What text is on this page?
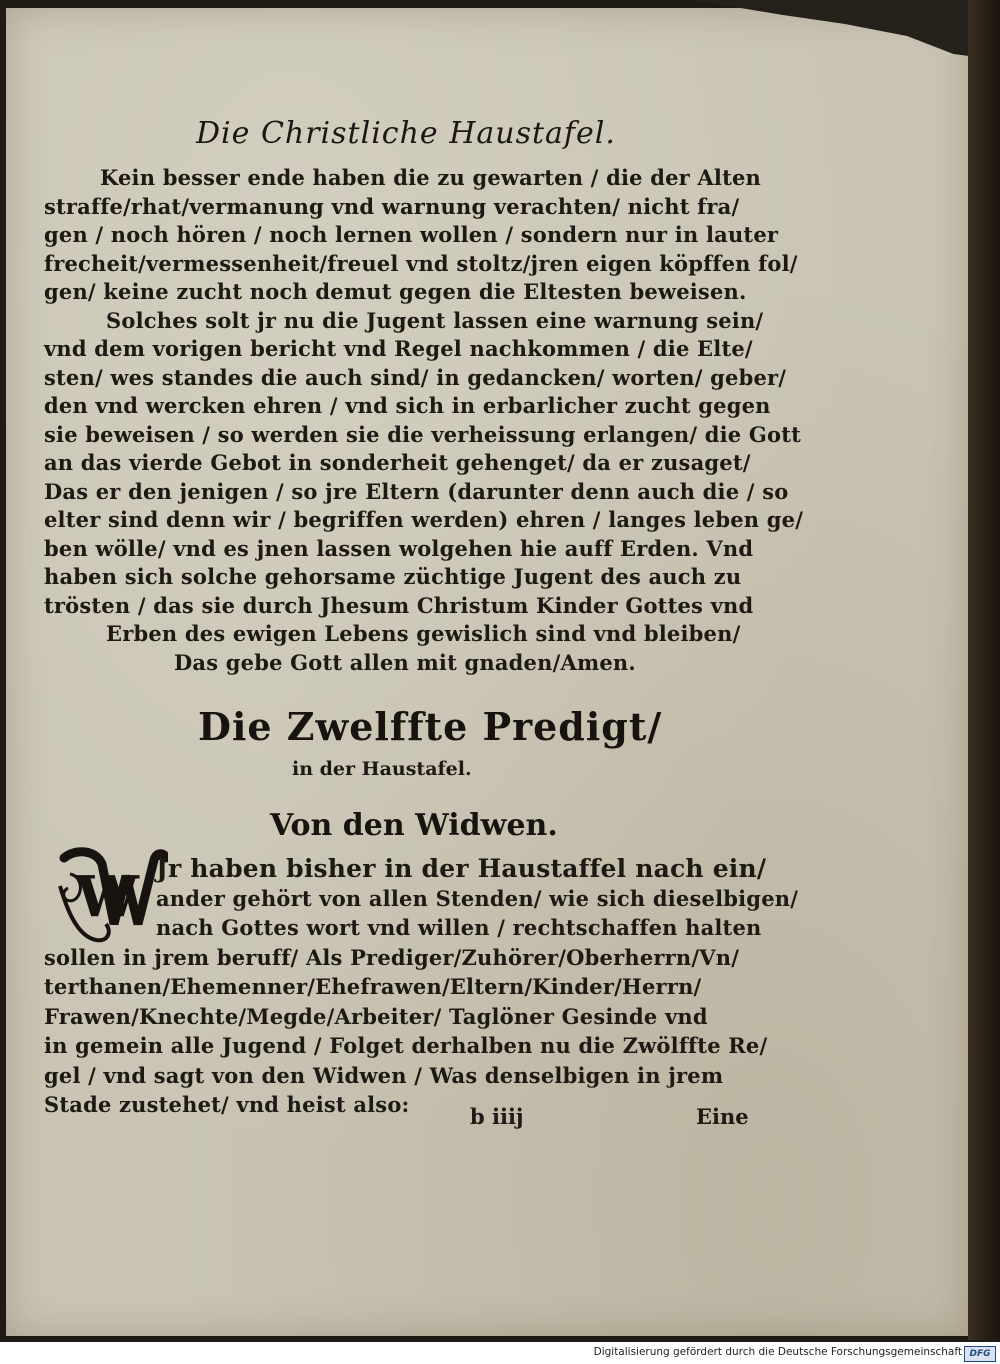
Die Christliche Haustafel.
Kein besser ende haben die zu gewarten / die der Alten
straffe/rhat/vermanung vnd warnung verachten/ nicht fra/
gen / noch hören / noch lernen wollen / sondern nur in lauter
frecheit/vermessenheit/freuel vnd stoltz/jren eigen köpffen fol/
gen/ keine zucht noch demut gegen die Eltesten beweisen.
Solches solt jr nu die Jugent lassen eine warnung sein/
vnd dem vorigen bericht vnd Regel nachkommen / die Elte/
sten/ wes standes die auch sind/ in gedancken/ worten/ geber/
den vnd wercken ehren / vnd sich in erbarlicher zucht gegen
sie beweisen / so werden sie die verheissung erlangen/ die Gott
an das vierde Gebot in sonderheit gehenget/ da er zusaget/
Das er den jenigen / so jre Eltern (darunter denn auch die / so
elter sind denn wir / begriffen werden) ehren / langes leben ge/
ben wölle/ vnd es jnen lassen wolgehen hie auff Erden. Vnd
haben sich solche gehorsame züchtige Jugent des auch zu
trösten / das sie durch Jhesum Christum Kinder Gottes vnd
Erben des ewigen Lebens gewislich sind vnd bleiben/
Das gebe Gott allen mit gnaden/Amen.
Die Zwelffte Predigt/
in der Haustafel.
Von den Widwen.
W Jr haben bisher in der Haustaffel nach ein/
ander gehört von allen Stenden/ wie sich dieselbigen/
nach Gottes wort vnd willen / rechtschaffen halten
sollen in jrem beruff/ Als Prediger/Zuhörer/Oberherrn/Vn/
terthanen/Ehemenner/Ehefrawen/Eltern/Kinder/Herrn/
Frawen/Knechte/Megde/Arbeiter/ Taglöner Gesinde vnd
in gemein alle Jugend / Folget derhalben nu die Zwölffte Re/
gel / vnd sagt von den Widwen / Was denselbigen in jrem
Stade zustehet/ vnd heist also:	b iiij	Eine
Digitalisierung gefördert durch die Deutsche Forschungsgemeinschaft DFG
